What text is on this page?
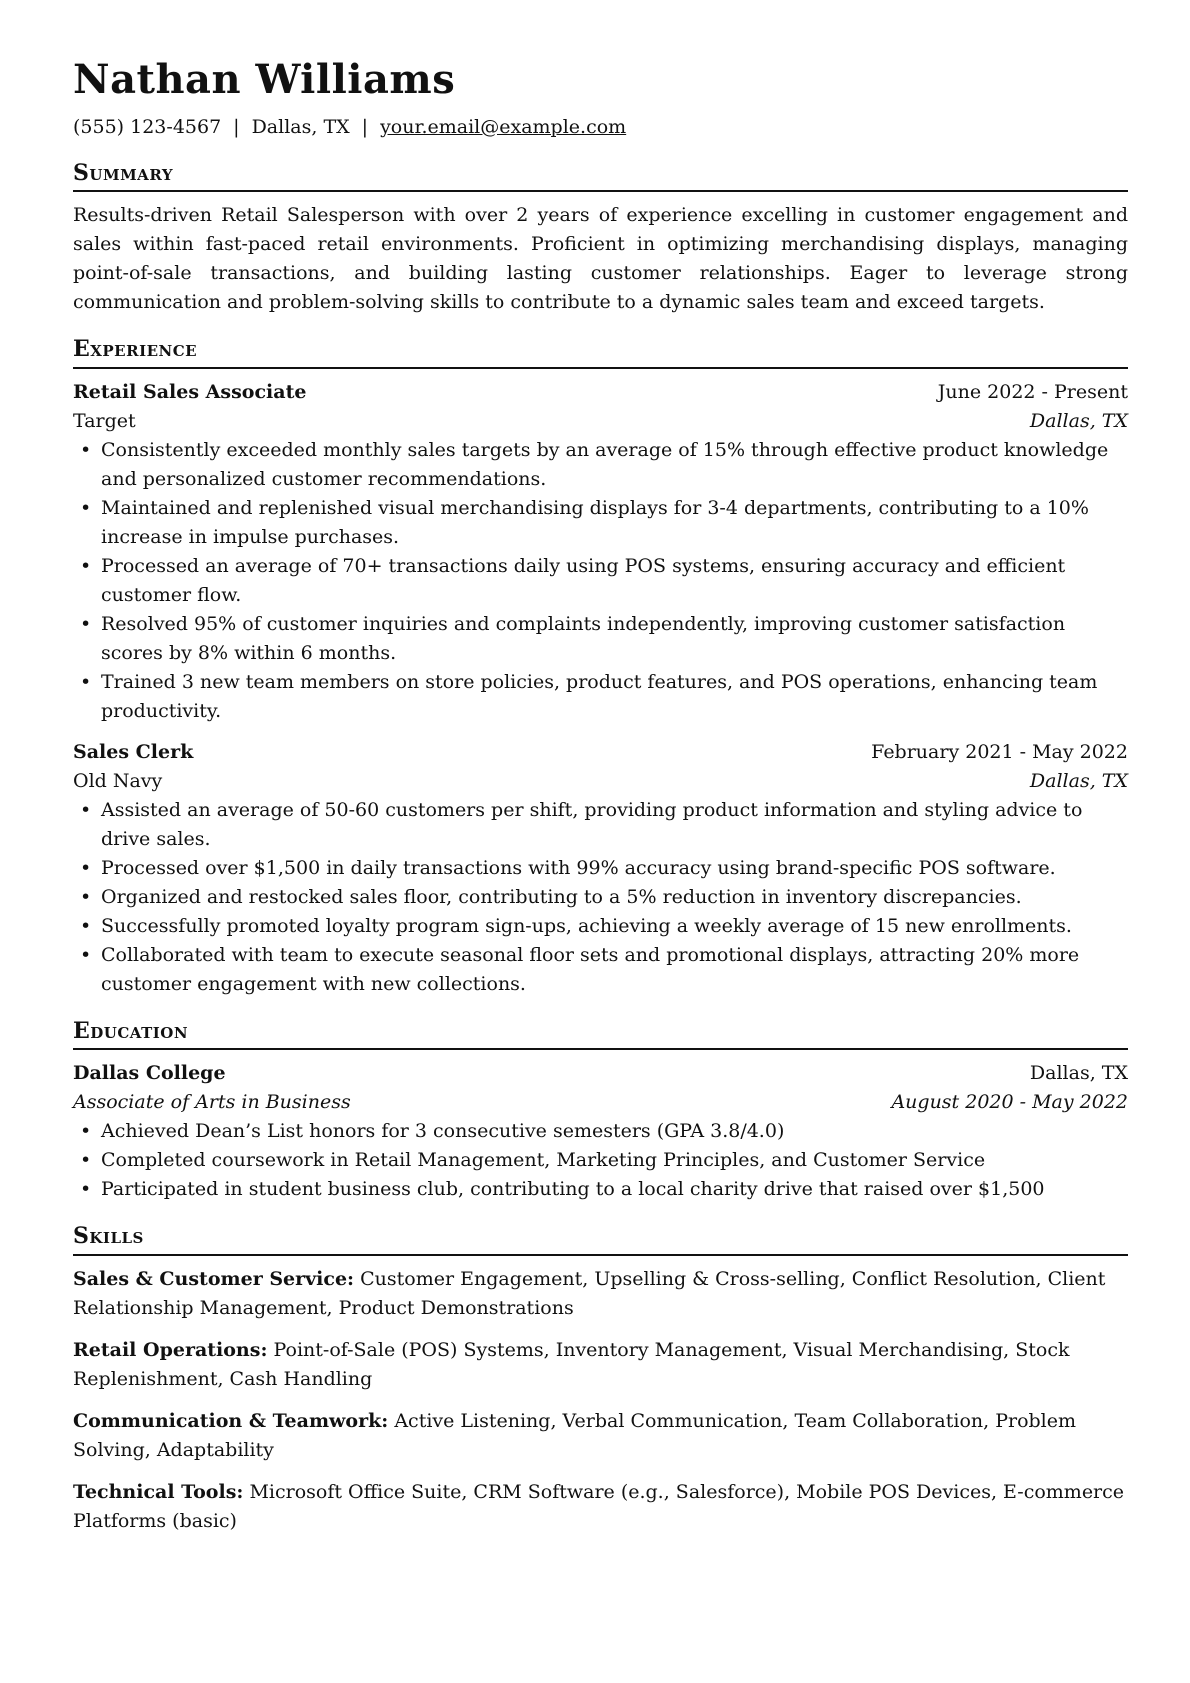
Nathan Williams
(555) 123-4567 | Dallas, TX | your.email@example.com
Summary

Results-driven Retail Salesperson with over 2 years of experience excelling in customer engagement and sales within fast-paced retail environments. Proficient in optimizing merchandising displays, managing point-of-sale transactions, and building lasting customer relationships. Eager to leverage strong communication and problem-solving skills to contribute to a dynamic sales team and exceed targets.

Experience
Retail Sales Associate	June 2022 - Present
Target	Dallas, TX
• Consistently exceeded monthly sales targets by an average of 15% through effective product knowledge and personalized customer recommendations.
• Maintained and replenished visual merchandising displays for 3-4 departments, contributing to a 10% increase in impulse purchases.
• Processed an average of 70+ transactions daily using POS systems, ensuring accuracy and efficient customer flow.
• Resolved 95% of customer inquiries and complaints independently, improving customer satisfaction scores by 8% within 6 months.
• Trained 3 new team members on store policies, product features, and POS operations, enhancing team productivity.
Sales Clerk	February 2021 - May 2022
Old Navy	Dallas, TX
• Assisted an average of 50-60 customers per shift, providing product information and styling advice to drive sales.
• Processed over $1,500 in daily transactions with 99% accuracy using brand-specific POS software.
• Organized and restocked sales floor, contributing to a 5% reduction in inventory discrepancies.
• Successfully promoted loyalty program sign-ups, achieving a weekly average of 15 new enrollments.
• Collaborated with team to execute seasonal floor sets and promotional displays, attracting 20% more customer engagement with new collections.
Education
Dallas College	Dallas, TX
Associate of Arts in Business	August 2020 - May 2022
• Achieved Dean’s List honors for 3 consecutive semesters (GPA 3.8/4.0)
• Completed coursework in Retail Management, Marketing Principles, and Customer Service
• Participated in student business club, contributing to a local charity drive that raised over $1,500
Skills
Sales & Customer Service: Customer Engagement, Upselling & Cross-selling, Conflict Resolution, Client Relationship Management, Product Demonstrations
Retail Operations: Point-of-Sale (POS) Systems, Inventory Management, Visual Merchandising, Stock Replenishment, Cash Handling
Communication & Teamwork: Active Listening, Verbal Communication, Team Collaboration, Problem Solving, Adaptability
Technical Tools: Microsoft Office Suite, CRM Software (e.g., Salesforce), Mobile POS Devices, E-commerce Platforms (basic)
